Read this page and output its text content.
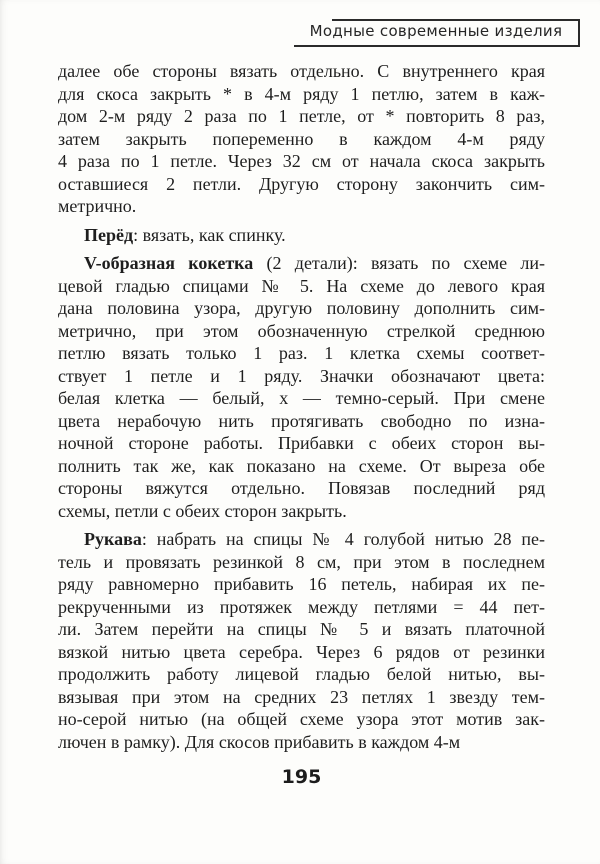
Модные современные изделия
далее обе стороны вязать отдельно. С внутреннего края
для скоса закрыть * в 4-м ряду 1 петлю, затем в каж-
дом 2-м ряду 2 раза по 1 петле, от * повторить 8 раз,
затем закрыть попеременно в каждом 4-м ряду
4 раза по 1 петле. Через 32 см от начала скоса закрыть
оставшиеся 2 петли. Другую сторону закончить сим-
метрично.
Перёд: вязать, как спинку.
V-образная кокетка (2 детали): вязать по схеме ли-
цевой гладью спицами № 5. На схеме до левого края
дана половина узора, другую половину дополнить сим-
метрично, при этом обозначенную стрелкой среднюю
петлю вязать только 1 раз. 1 клетка схемы соответ-
ствует 1 петле и 1 ряду. Значки обозначают цвета:
белая клетка — белый, х — темно-серый. При смене
цвета нерабочую нить протягивать свободно по изна-
ночной стороне работы. Прибавки с обеих сторон вы-
полнить так же, как показано на схеме. От выреза обе
стороны вяжутся отдельно. Повязав последний ряд
схемы, петли с обеих сторон закрыть.
Рукава: набрать на спицы № 4 голубой нитью 28 пе-
тель и провязать резинкой 8 см, при этом в последнем
ряду равномерно прибавить 16 петель, набирая их пе-
рекрученными из протяжек между петлями = 44 пет-
ли. Затем перейти на спицы № 5 и вязать платочной
вязкой нитью цвета серебра. Через 6 рядов от резинки
продолжить работу лицевой гладью белой нитью, вы-
вязывая при этом на средних 23 петлях 1 звезду тем-
но-серой нитью (на общей схеме узора этот мотив зак-
лючен в рамку). Для скосов прибавить в каждом 4-м
195
